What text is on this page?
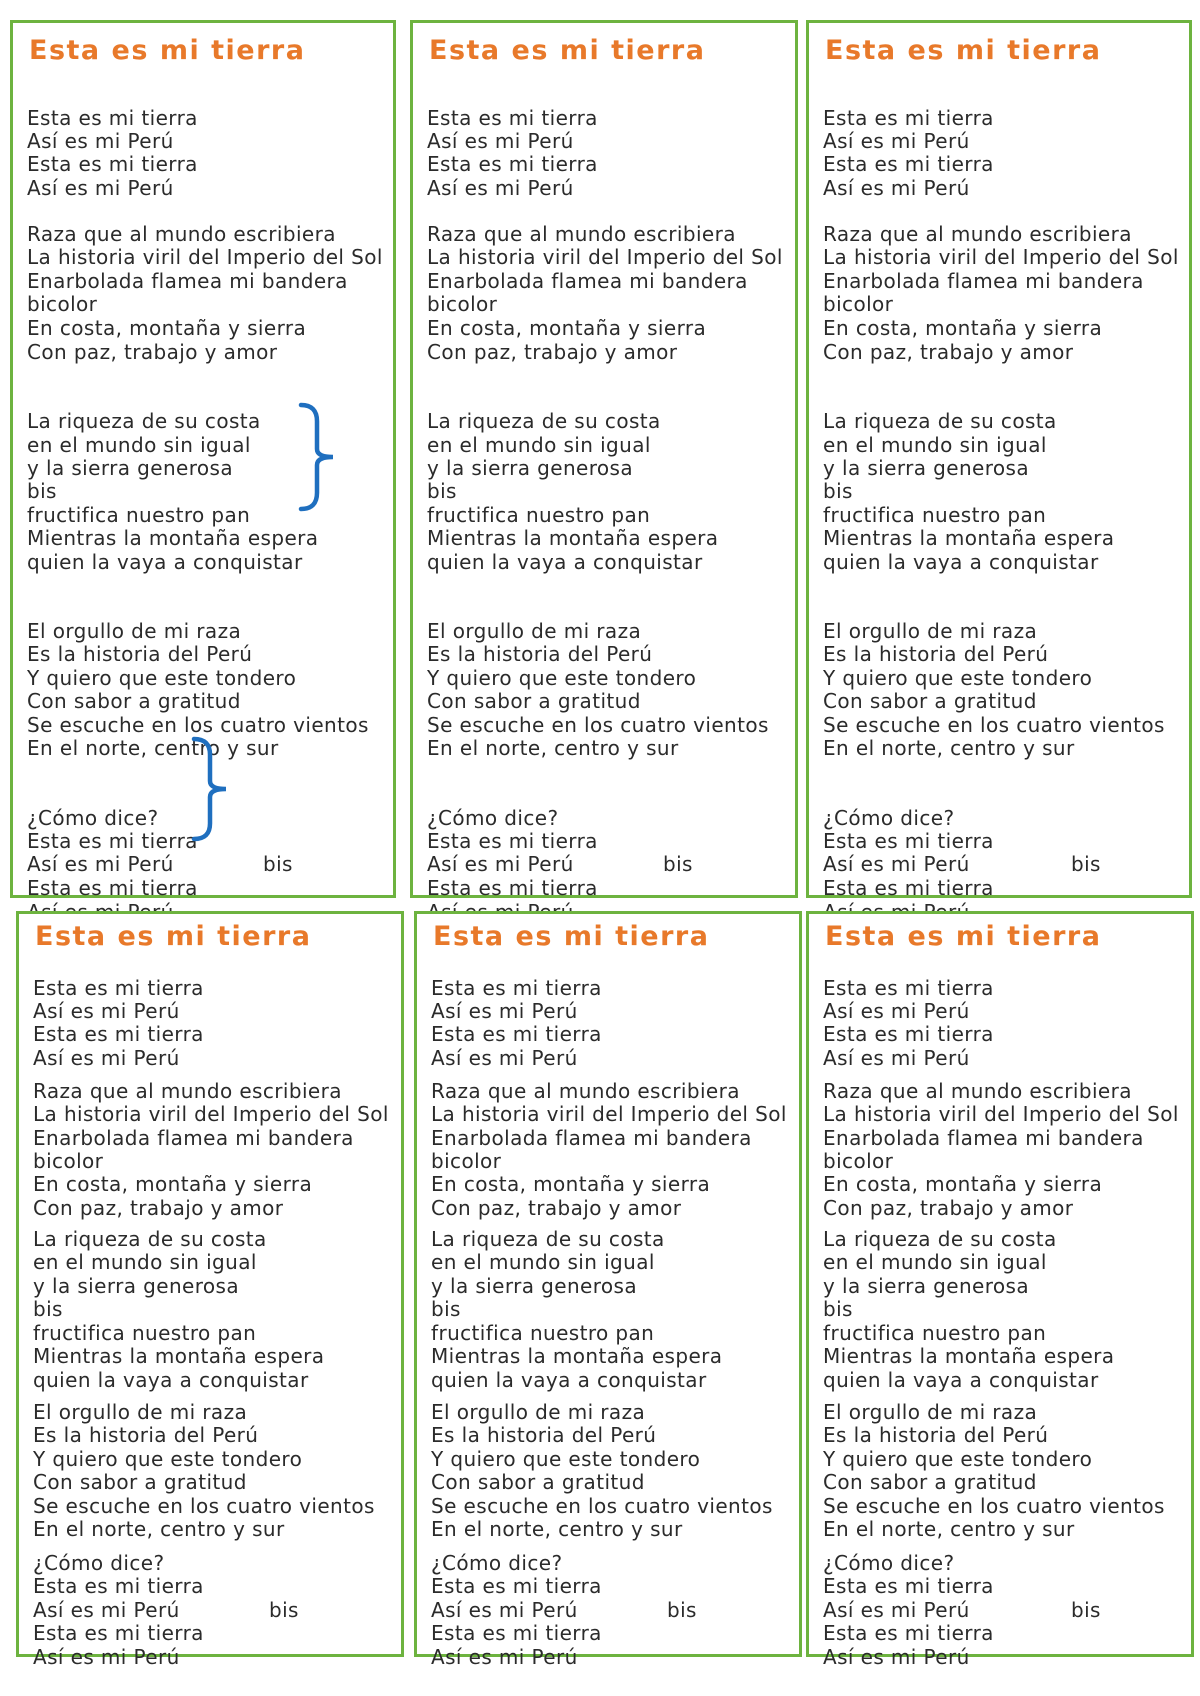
Esta es mi tierra
Esta es mi tierra
Así es mi Perú
Esta es mi tierra
Así es mi Perú
Raza que al mundo escribiera
La historia viril del Imperio del Sol
Enarbolada flamea mi bandera
bicolor
En costa, montaña y sierra
Con paz, trabajo y amor
La riqueza de su costa
en el mundo sin igual
y la sierra generosa
bis
fructifica nuestro pan
Mientras la montaña espera
quien la vaya a conquistar
El orgullo de mi raza
Es la historia del Perú
Y quiero que este tondero
Con sabor a gratitud
Se escuche en los cuatro vientos
En el norte, centro y sur
¿Cómo dice?
Esta es mi tierra
Así es mi Perú
Esta es mi tierra
bis
Esta es mi tierra
Esta es mi tierra
Así es mi Perú
Esta es mi tierra
Así es mi Perú
Raza que al mundo escribiera
La historia viril del Imperio del Sol
Enarbolada flamea mi bandera
bicolor
En costa, montaña y sierra
Con paz, trabajo y amor
La riqueza de su costa
en el mundo sin igual
y la sierra generosa
bis
fructifica nuestro pan
Mientras la montaña espera
quien la vaya a conquistar
El orgullo de mi raza
Es la historia del Perú
Y quiero que este tondero
Con sabor a gratitud
Se escuche en los cuatro vientos
En el norte, centro y sur
¿Cómo dice?
Esta es mi tierra
Así es mi Perú
Esta es mi tierra
bis
Esta es mi tierra
Esta es mi tierra
Así es mi Perú
Esta es mi tierra
Así es mi Perú
Raza que al mundo escribiera
La historia viril del Imperio del Sol
Enarbolada flamea mi bandera
bicolor
En costa, montaña y sierra
Con paz, trabajo y amor
La riqueza de su costa
en el mundo sin igual
y la sierra generosa
bis
fructifica nuestro pan
Mientras la montaña espera
quien la vaya a conquistar
El orgullo de mi raza
Es la historia del Perú
Y quiero que este tondero
Con sabor a gratitud
Se escuche en los cuatro vientos
En el norte, centro y sur
¿Cómo dice?
Esta es mi tierra
Así es mi Perú
Esta es mi tierra
bis
Esta es mi tierra
Esta es mi tierra
Así es mi Perú
Esta es mi tierra
Así es mi Perú
Raza que al mundo escribiera
La historia viril del Imperio del Sol
Enarbolada flamea mi bandera
bicolor
En costa, montaña y sierra
Con paz, trabajo y amor
La riqueza de su costa
en el mundo sin igual
y la sierra generosa
bis
fructifica nuestro pan
Mientras la montaña espera
quien la vaya a conquistar
El orgullo de mi raza
Es la historia del Perú
Y quiero que este tondero
Con sabor a gratitud
Se escuche en los cuatro vientos
En el norte, centro y sur
¿Cómo dice?
Esta es mi tierra
Así es mi Perú
Esta es mi tierra
Así es mi Perú
bis
Esta es mi tierra
Esta es mi tierra
Así es mi Perú
Esta es mi tierra
Así es mi Perú
Raza que al mundo escribiera
La historia viril del Imperio del Sol
Enarbolada flamea mi bandera
bicolor
En costa, montaña y sierra
Con paz, trabajo y amor
La riqueza de su costa
en el mundo sin igual
y la sierra generosa
bis
fructifica nuestro pan
Mientras la montaña espera
quien la vaya a conquistar
El orgullo de mi raza
Es la historia del Perú
Y quiero que este tondero
Con sabor a gratitud
Se escuche en los cuatro vientos
En el norte, centro y sur
¿Cómo dice?
Esta es mi tierra
Así es mi Perú
Esta es mi tierra
Así es mi Perú
bis
Esta es mi tierra
Esta es mi tierra
Así es mi Perú
Esta es mi tierra
Así es mi Perú
Raza que al mundo escribiera
La historia viril del Imperio del Sol
Enarbolada flamea mi bandera
bicolor
En costa, montaña y sierra
Con paz, trabajo y amor
La riqueza de su costa
en el mundo sin igual
y la sierra generosa
bis
fructifica nuestro pan
Mientras la montaña espera
quien la vaya a conquistar
El orgullo de mi raza
Es la historia del Perú
Y quiero que este tondero
Con sabor a gratitud
Se escuche en los cuatro vientos
En el norte, centro y sur
¿Cómo dice?
Esta es mi tierra
Así es mi Perú
Esta es mi tierra
Así es mi Perú
bis
